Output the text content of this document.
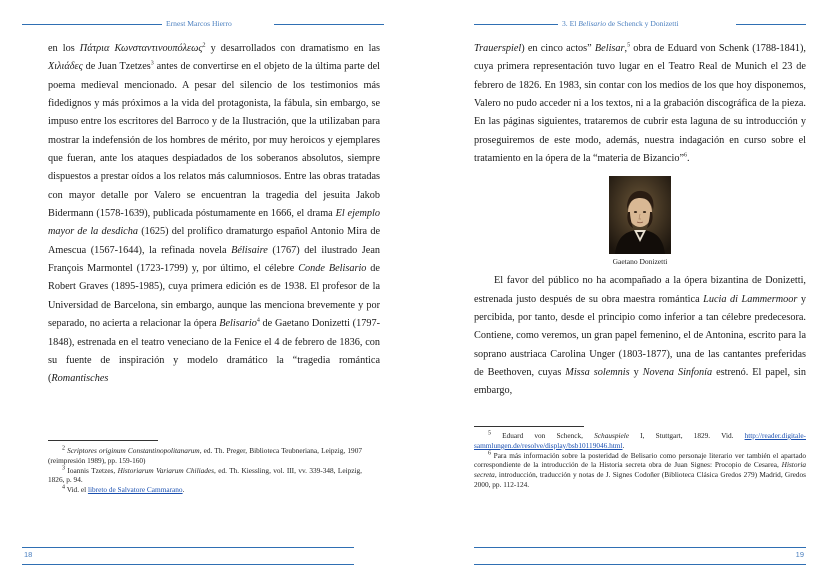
Ernest Marcos Hierro

en los Πάτρια Κωνσταντινουπόλεως$^2$ y desarrollados con dramatismo en las Χιλιάδες de Juan Tzetzes$^3$ antes de convertirse en el objeto de la última parte del poema medieval mencionado. A pesar del silencio de los testimonios más fidedignos y más próximos a la vida del protagonista, la fábula, sin embargo, se impuso entre los escritores del Barroco y de la Ilustración, que la utilizaban para mostrar la indefensión de los hombres de mérito, por muy heroicos y ejemplares que fueran, ante los ataques despiadados de los soberanos absolutos, siempre dispuestos a prestar oídos a los relatos más calumniosos. Entre las obras tratadas con mayor detalle por Valero se encuentran la tragedia del jesuita Jakob Bidermann (1578-1639), publicada póstumamente en 1666, el drama El ejemplo mayor de la desdicha (1625) del prolífico dramaturgo español Antonio Mira de Amescua (1567-1644), la refinada novela Bélisaire (1767) del ilustrado Jean François Marmontel (1723-1799) y, por último, el célebre Conde Belisario de Robert Graves (1895-1985), cuya primera edición es de 1938. El profesor de la Universidad de Barcelona, sin embargo, aunque las menciona brevemente y por separado, no acierta a relacionar la ópera Belisario$^4$ de Gaetano Donizetti (1797-1848), estrenada en el teatro veneciano de la Fenice el 4 de febrero de 1836, con su fuente de inspiración y modelo dramático la “tragedia romántica (Romantisches

$^2$ Scriptores originum Constantinopolitanarum, ed. Th. Preger, Biblioteca Teubneriana, Leipzig, 1907 (reimpresión 1989), pp. 159-160)

$^3$ Ioannis Tzetzes, Historiarum Variarum Chiliades, ed. Th. Kiessling, vol. III, vv. 339-348, Leipzig, 1826, p. 94.

$^4$ Vid. el libreto de Salvatore Cammarano.

18
3. El Belisario de Schenck y Donizetti

Trauerspiel) en cinco actos” Belisar,$^5$ obra de Eduard von Schenk (1788-1841), cuya primera representación tuvo lugar en el Teatro Real de Munich el 23 de febrero de 1826. En 1983, sin contar con los medios de los que hoy disponemos, Valero no pudo acceder ni a los textos, ni a la grabación discográfica de la pieza. En las páginas siguientes, trataremos de cubrir esta laguna de su introducción y proseguiremos de este modo, además, nuestra indagación en curso sobre el tratamiento en la ópera de la “materia de Bizancio”$^6$.

Gaetano Donizetti

El favor del público no ha acompañado a la ópera bizantina de Donizetti, estrenada justo después de su obra maestra romántica Lucia di Lammermoor y percibida, por tanto, desde el principio como inferior a tan célebre predecesora. Contiene, como veremos, un gran papel femenino, el de Antonina, escrito para la soprano austriaca Carolina Unger (1803-1877), una de las cantantes preferidas de Beethoven, cuyas Missa solemnis y Novena Sinfonía estrenó. El papel, sin embargo,

$^5$ Eduard von Schenck, Schauspiele I, Stuttgart, 1829. Vid. http://reader.digitale-sammlungen.de/resolve/display/bsb10119046.html.

$^6$ Para más información sobre la posteridad de Belisario como personaje literario ver también el apartado correspondiente de la introducción de la Historia secreta obra de Juan Signes: Procopio de Cesarea, Historia secreta, introducción, traducción y notas de J. Signes Codoñer (Biblioteca Clásica Gredos 279) Madrid, Gredos 2000, pp. 112-124.

19
